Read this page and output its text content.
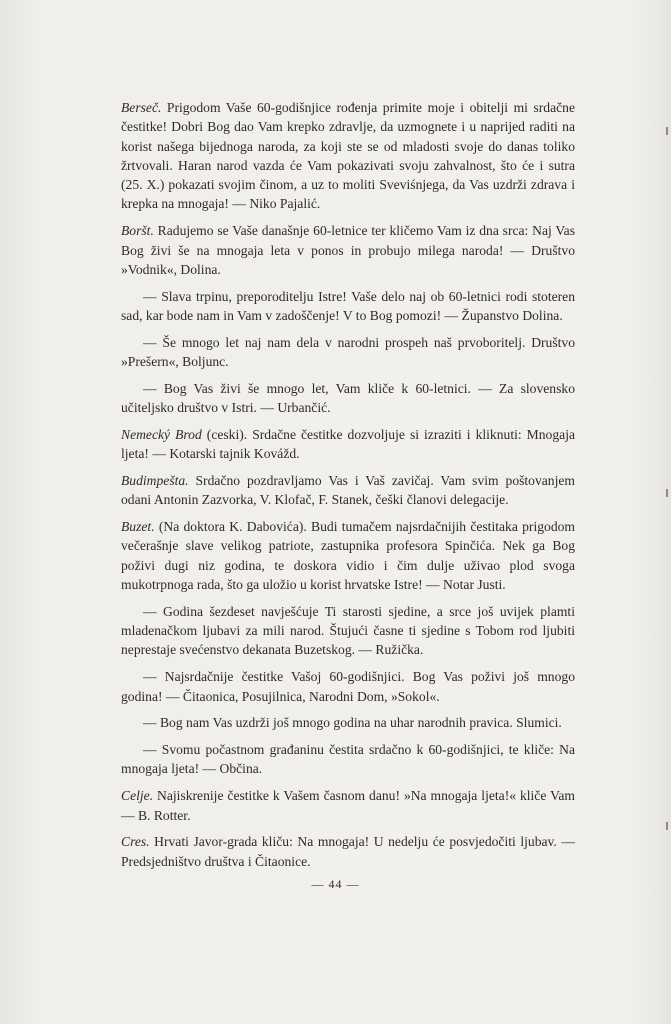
Berseč. Prigodom Vaše 60-godišnjice rođenja primite moje i obitelji mi srdačne čestitke! Dobri Bog dao Vam krepko zdravlje, da uzmognete i u naprijed raditi na korist našega bijednoga naroda, za koji ste se od mladosti svoje do danas toliko žrtvovali. Haran narod vazda će Vam pokazivati svoju zahvalnost, što će i sutra (25. X.) pokazati svojim činom, a uz to moliti Sveviśnjega, da Vas uzdrži zdrava i krepka na mnogaja! — Niko Pajalić.

Boršt. Radujemo se Vaše današnje 60-letnice ter kličemo Vam iz dna srca: Naj Vas Bog živi še na mnogaja leta v ponos in probujo milega naroda! — Društvo »Vodnik«, Dolina.

— Slava trpinu, preporoditelju Istre! Vaše delo naj ob 60-letnici rodi stoteren sad, kar bode nam in Vam v zadoščenje! V to Bog pomozi! — Županstvo Dolina.

— Še mnogo let naj nam dela v narodni prospeh naš prvoboritelj. Društvo »Prešern«, Boljunc.

— Bog Vas živi še mnogo let, Vam kliče k 60-letnici. — Za slovensko učiteljsko društvo v Istri. — Urbančić.

Nemecký Brod (ceski). Srdačne čestitke dozvoljuje si izraziti i kliknuti: Mnogaja ljeta! — Kotarski tajnik Kovážd.

Budimpešta. Srdačno pozdravljamo Vas i Vaš zavičaj. Vam svim poštovanjem odani Antonin Zazvorka, V. Klofač, F. Stanek, češki članovi delegacije.

Buzet. (Na doktora K. Dabovića). Budi tumačem najsrdačnijih čestitaka prigodom večerašnje slave velikog patriote, zastupnika profesora Spinčića. Nek ga Bog poživi dugi niz godina, te doskora vidio i čim dulje uživao plod svoga mukotrpnoga rada, što ga uložio u korist hrvatske Istre! — Notar Justi.

— Godina šezdeset navješćuje Ti starosti sjedine, a srce još uvijek plamti mladenačkom ljubavi za mili narod. Štujući časne ti sjedine s Tobom rod ljubiti neprestaje svećenstvo dekanata Buzetskog. — Ružička.

— Najsrdačnije čestitke Vašoj 60-godišnjici. Bog Vas poživi još mnogo godina! — Čitaonica, Posujilnica, Narodni Dom, »Sokol«.

— Bog nam Vas uzdrži još mnogo godina na uhar narodnih pravica. Slumici.

— Svomu počastnom građaninu čestita srdačno k 60-godišnjici, te kliče: Na mnogaja ljeta! — Občina.

Celje. Najiskrenije čestitke k Vašem časnom danu! »Na mnogaja ljeta!« kliče Vam — B. Rotter.

Cres. Hrvati Javor-grada kliču: Na mnogaja! U nedelju će posvjedočiti ljubav. — Predsjedništvo društva i Čitaonice.

— 44 —
